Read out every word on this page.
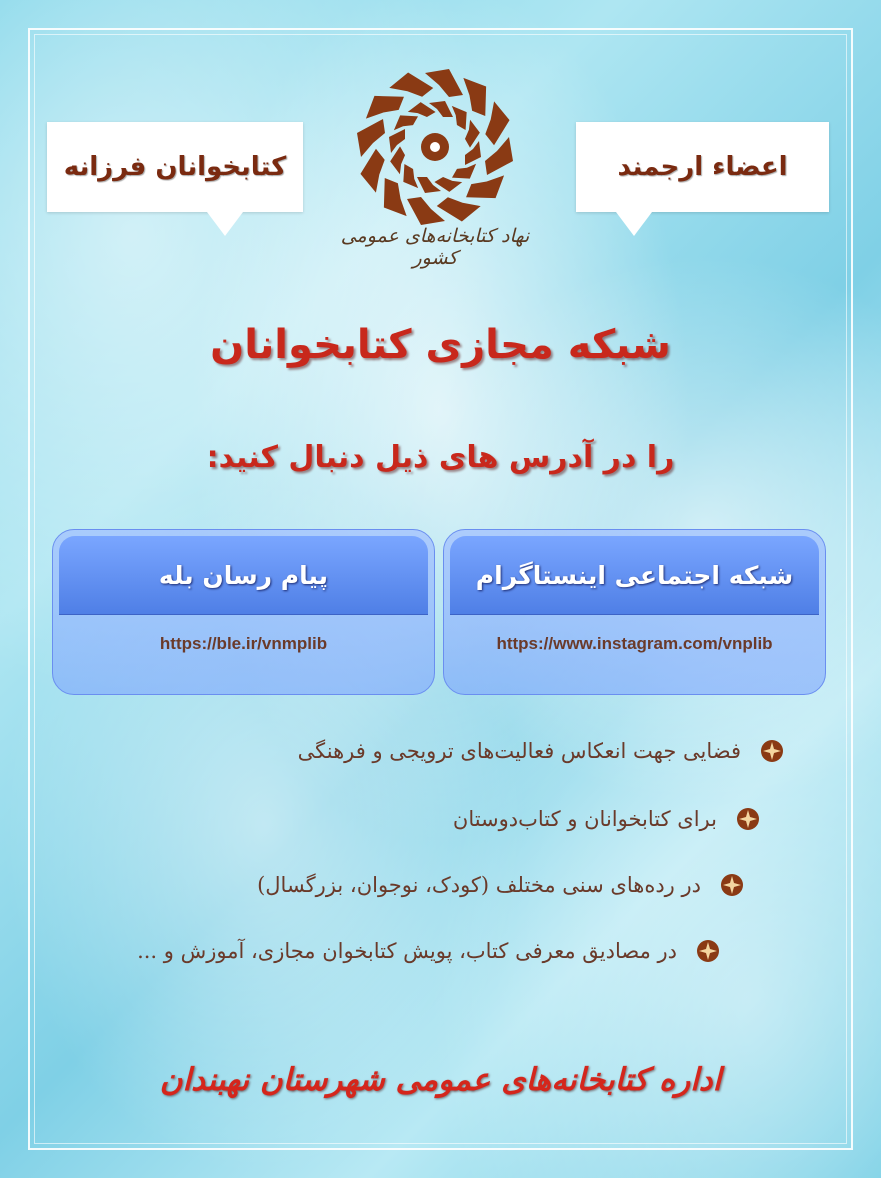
کتابخوانان فرزانه	اعضاء ارجمند
نهاد کتابخانه‌های عمومی کشور
شبکه مجازی کتابخوانان
را در آدرس های ذیل دنبال کنید:
پیام رسان بله
https://ble.ir/vnmplib
شبکه اجتماعی اینستاگرام
https://www.instagram.com/vnplib
فضایی جهت انعکاس فعالیت‌های ترویجی و فرهنگی
برای کتابخوانان و کتاب‌دوستان
در رده‌های سنی مختلف (کودک، نوجوان، بزرگسال)
در مصادیق معرفی کتاب، پویش کتابخوان مجازی، آموزش و ...
اداره کتابخانه‌های عمومی شهرستان نهبندان
